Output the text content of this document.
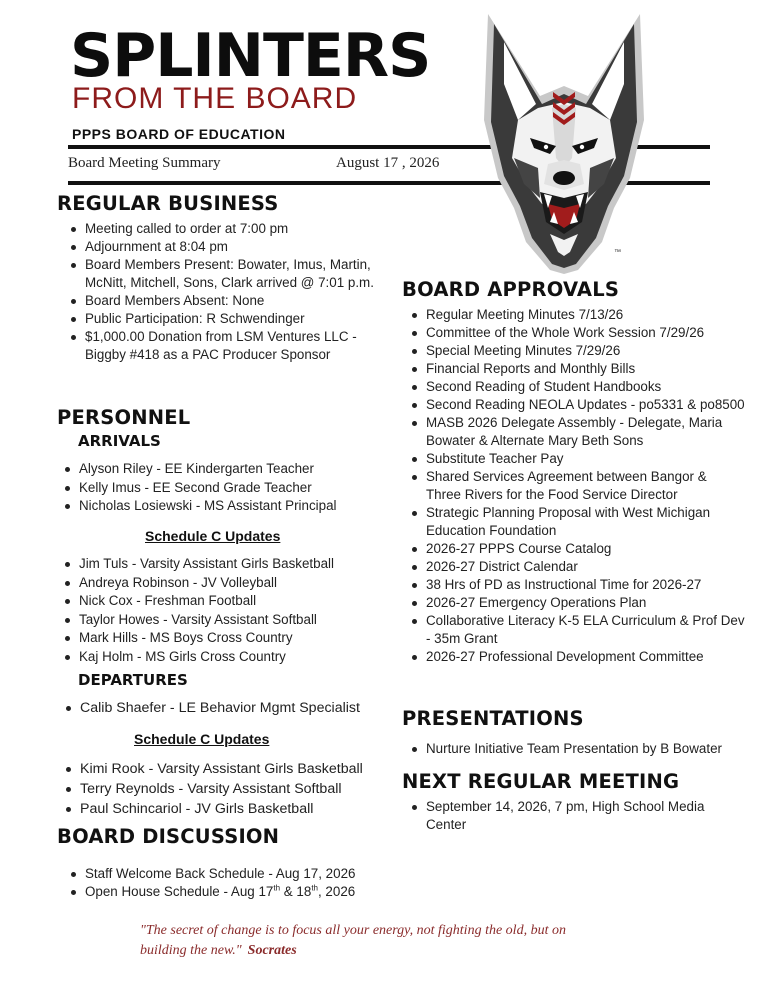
SPLINTERS
FROM THE BOARD
PPPS BOARD OF EDUCATION
Board Meeting Summary	August 17 , 2026
™
REGULAR BUSINESS
Meeting called to order at 7:00 pm
Adjournment at 8:04 pm
Board Members Present: Bowater, Imus, Martin, McNitt, Mitchell, Sons, Clark arrived @ 7:01 p.m.
Board Members Absent: None
Public Participation: R Schwendinger
$1,000.00 Donation from LSM Ventures LLC - Biggby #418 as a PAC Producer Sponsor
PERSONNEL
ARRIVALS
Alyson Riley - EE Kindergarten Teacher
Kelly Imus - EE Second Grade Teacher
Nicholas Losiewski - MS Assistant Principal
Schedule C Updates
Jim Tuls - Varsity Assistant Girls Basketball
Andreya Robinson - JV Volleyball
Nick Cox - Freshman Football
Taylor Howes - Varsity Assistant Softball
Mark Hills - MS Boys Cross Country
Kaj Holm - MS Girls Cross Country
DEPARTURES
Calib Shaefer - LE Behavior Mgmt Specialist
Schedule C Updates
Kimi Rook - Varsity Assistant Girls Basketball
Terry Reynolds - Varsity Assistant Softball
Paul Schincariol - JV Girls Basketball
BOARD DISCUSSION
Staff Welcome Back Schedule - Aug 17, 2026
Open House Schedule - Aug 17th & 18th, 2026
BOARD APPROVALS
Regular Meeting Minutes 7/13/26
Committee of the Whole Work Session 7/29/26
Special Meeting Minutes 7/29/26
Financial Reports and Monthly Bills
Second Reading of Student Handbooks
Second Reading NEOLA Updates - po5331 & po8500
MASB 2026 Delegate Assembly - Delegate, Maria Bowater & Alternate Mary Beth Sons
Substitute Teacher Pay
Shared Services Agreement between Bangor & Three Rivers for the Food Service Director
Strategic Planning Proposal with West Michigan Education Foundation
2026-27 PPPS Course Catalog
2026-27 District Calendar
38 Hrs of PD as Instructional Time for 2026-27
2026-27 Emergency Operations Plan
Collaborative Literacy K-5 ELA Curriculum & Prof Dev - 35m Grant
2026-27 Professional Development Committee
PRESENTATIONS
Nurture Initiative Team Presentation by B Bowater
NEXT REGULAR MEETING
September 14, 2026, 7 pm, High School Media Center
"The secret of change is to focus all your energy, not fighting the old, but on building the new." Socrates
